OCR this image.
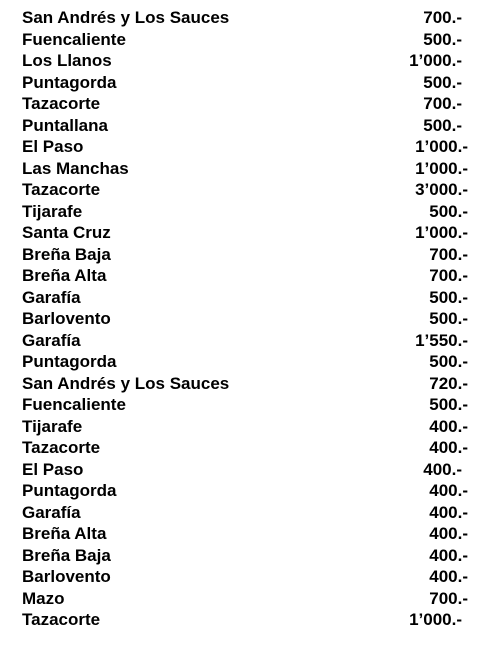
San Andrés y Los Sauces	700.-
Fuencaliente	500.-
Los Llanos	1’000.-
Puntagorda	500.-
Tazacorte	700.-
Puntallana	500.-
El Paso	1’000.-
Las Manchas	1’000.-
Tazacorte	3’000.-
Tijarafe	500.-
Santa Cruz	1’000.-
Breña Baja	700.-
Breña Alta	700.-
Garafía	500.-
Barlovento	500.-
Garafía	1’550.-
Puntagorda	500.-
San Andrés y Los Sauces	720.-
Fuencaliente	500.-
Tijarafe	400.-
Tazacorte	400.-
El Paso	400.-
Puntagorda	400.-
Garafía	400.-
Breña Alta	400.-
Breña Baja	400.-
Barlovento	400.-
Mazo	700.-
Tazacorte	1’000.-
